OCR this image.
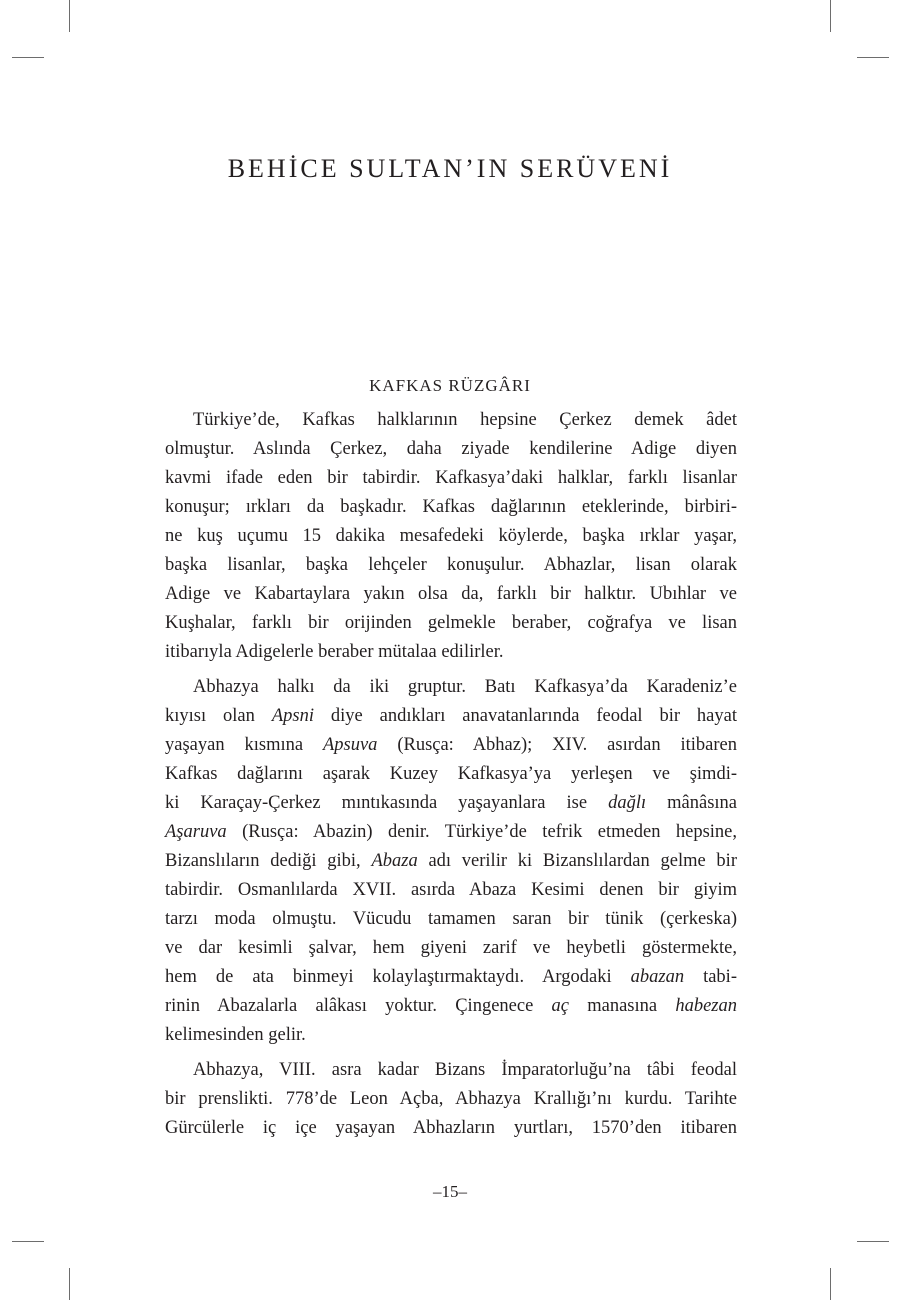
BEHİCE SULTAN’IN SERÜVENİ
KAFKAS RÜZGÂRI

Türkiye’de, Kafkas halklarının hepsine Çerkez demek âdet
olmuştur. Aslında Çerkez, daha ziyade kendilerine Adige diyen
kavmi ifade eden bir tabirdir. Kafkasya’daki halklar, farklı lisanlar
konuşur; ırkları da başkadır. Kafkas dağlarının eteklerinde, birbiri-
ne kuş uçumu 15 dakika mesafedeki köylerde, başka ırklar yaşar,
başka lisanlar, başka lehçeler konuşulur. Abhazlar, lisan olarak
Adige ve Kabartaylara yakın olsa da, farklı bir halktır. Ubıhlar ve
Kuşhalar, farklı bir orijinden gelmekle beraber, coğrafya ve lisan
itibarıyla Adigelerle beraber mütalaa edilirler.

Abhazya halkı da iki gruptur. Batı Kafkasya’da Karadeniz’e
kıyısı olan Apsni diye andıkları anavatanlarında feodal bir hayat
yaşayan kısmına Apsuva (Rusça: Abhaz); XIV. asırdan itibaren
Kafkas dağlarını aşarak Kuzey Kafkasya’ya yerleşen ve şimdi-
ki Karaçay-Çerkez mıntıkasında yaşayanlara ise dağlı mânâsına
Aşaruva (Rusça: Abazin) denir. Türkiye’de tefrik etmeden hepsine,
Bizanslıların dediği gibi, Abaza adı verilir ki Bizanslılardan gelme bir
tabirdir. Osmanlılarda XVII. asırda Abaza Kesimi denen bir giyim
tarzı moda olmuştu. Vücudu tamamen saran bir tünik (çerkeska)
ve dar kesimli şalvar, hem giyeni zarif ve heybetli göstermekte,
hem de ata binmeyi kolaylaştırmaktaydı. Argodaki abazan tabi-
rinin Abazalarla alâkası yoktur. Çingenece aç manasına habezan
kelimesinden gelir.

Abhazya, VIII. asra kadar Bizans İmparatorluğu’na tâbi feodal
bir prenslikti. 778’de Leon Açba, Abhazya Krallığı’nı kurdu. Tarihte
Gürcülerle iç içe yaşayan Abhazların yurtları, 1570’den itibaren

–15–
